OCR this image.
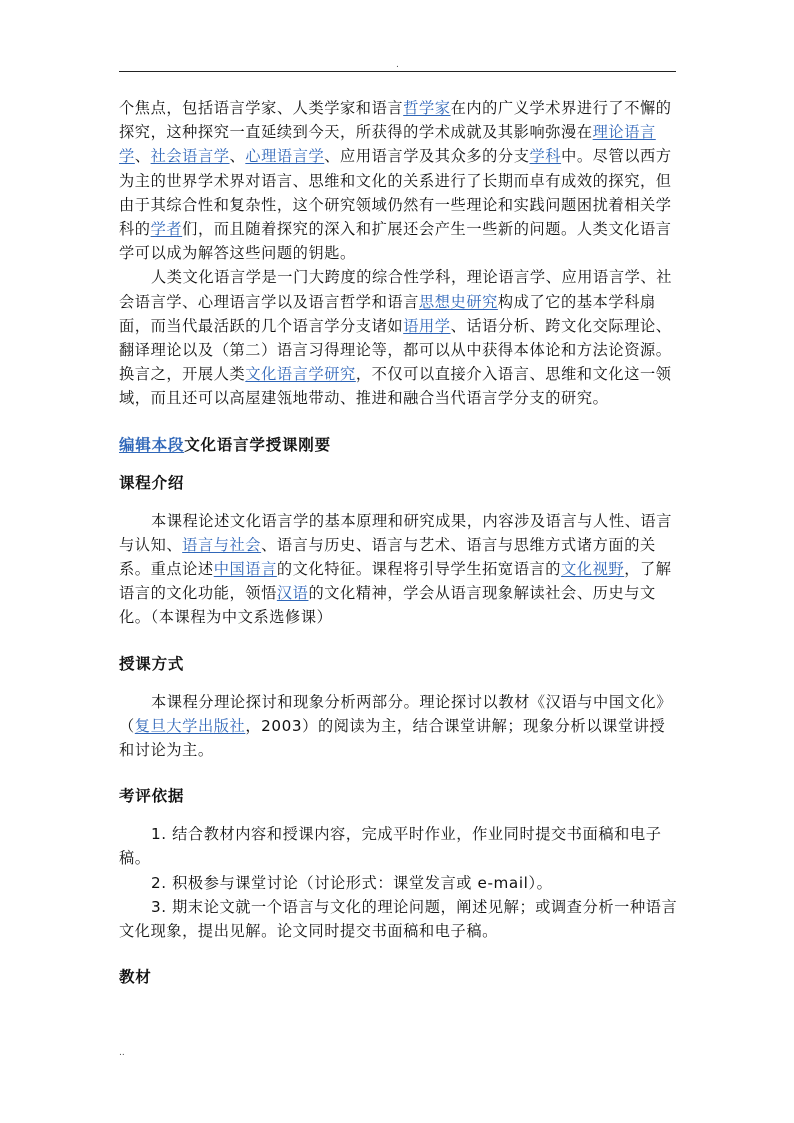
.

个焦点，包括语言学家、人类学家和语言哲学家在内的广义学术界进行了不懈的探究，这种探究一直延续到今天，所获得的学术成就及其影响弥漫在理论语言学、社会语言学、心理语言学、应用语言学及其众多的分支学科中。尽管以西方为主的世界学术界对语言、思维和文化的关系进行了长期而卓有成效的探究，但由于其综合性和复杂性，这个研究领域仍然有一些理论和实践问题困扰着相关学科的学者们，而且随着探究的深入和扩展还会产生一些新的问题。人类文化语言学可以成为解答这些问题的钥匙。

人类文化语言学是一门大跨度的综合性学科，理论语言学、应用语言学、社会语言学、心理语言学以及语言哲学和语言思想史研究构成了它的基本学科扇面，而当代最活跃的几个语言学分支诸如语用学、话语分析、跨文化交际理论、翻译理论以及（第二）语言习得理论等，都可以从中获得本体论和方法论资源。换言之，开展人类文化语言学研究，不仅可以直接介入语言、思维和文化这一领域，而且还可以高屋建瓴地带动、推进和融合当代语言学分支的研究。

编辑本段文化语言学授课刚要
课程介绍

本课程论述文化语言学的基本原理和研究成果，内容涉及语言与人性、语言与认知、语言与社会、语言与历史、语言与艺术、语言与思维方式诸方面的关系。重点论述中国语言的文化特征。课程将引导学生拓宽语言的文化视野，了解语言的文化功能，领悟汉语的文化精神，学会从语言现象解读社会、历史与文化。（本课程为中文系选修课）

授课方式

本课程分理论探讨和现象分析两部分。理论探讨以教材《汉语与中国文化》（复旦大学出版社，2003）的阅读为主，结合课堂讲解；现象分析以课堂讲授和讨论为主。

考评依据

1. 结合教材内容和授课内容，完成平时作业，作业同时提交书面稿和电子稿。

2. 积极参与课堂讨论（讨论形式：课堂发言或 e-mail）。

3. 期末论文就一个语言与文化的理论问题，阐述见解；或调查分析一种语言文化现象，提出见解。论文同时提交书面稿和电子稿。

教材
..
